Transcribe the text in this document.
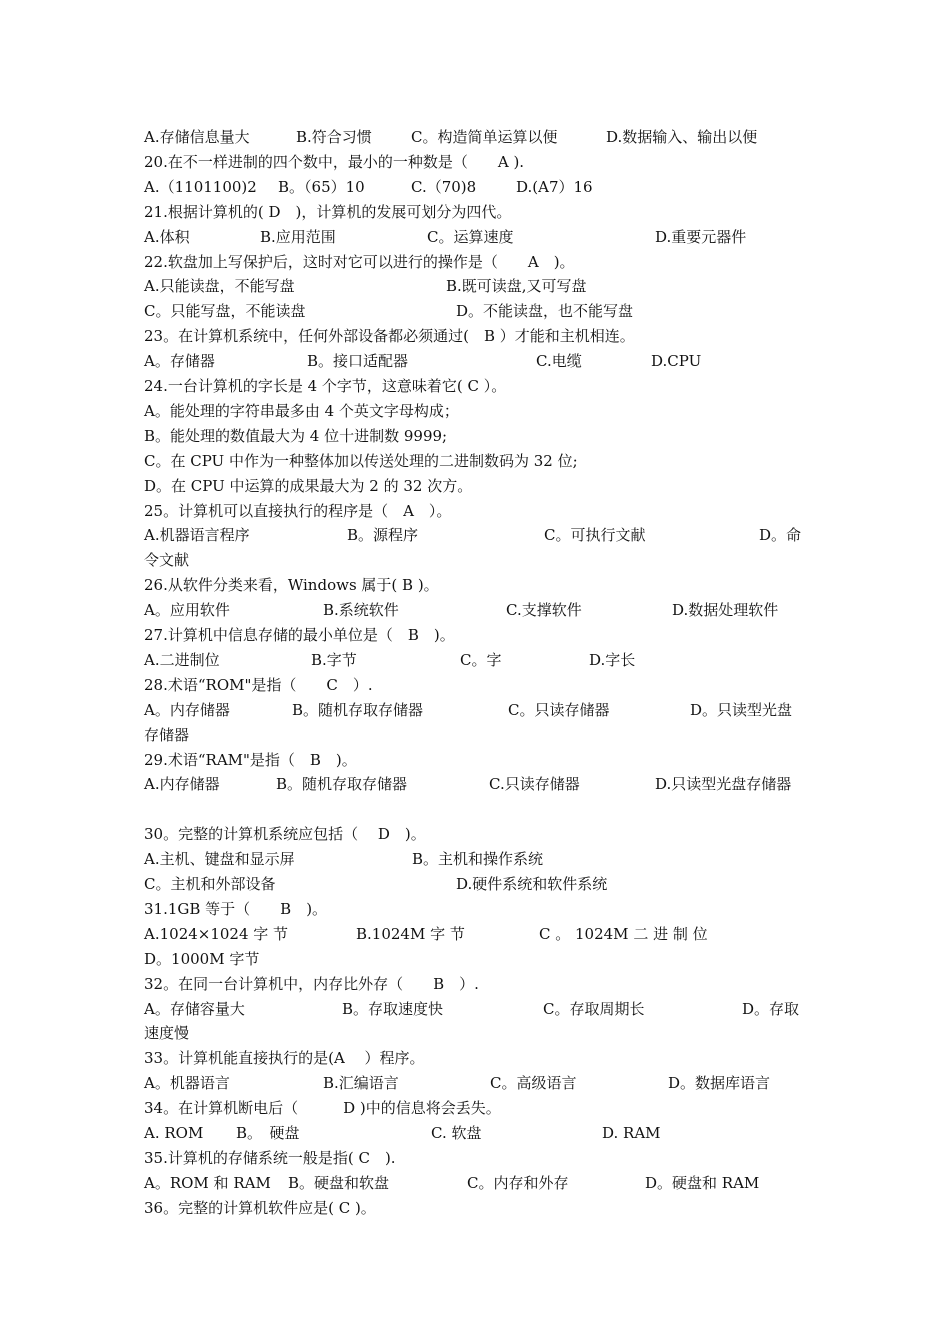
A.存储信息量大	B.符合习惯	C。构造简单运算以便	D.数据输入、输出以便
20.在不一样进制的四个数中，最小的一种数是（　　A ).
A.（1101100)2 B。（65）10	C.（70)8	D.(A7）16
21.根据计算机的( D　)，计算机的发展可划分为四代。
A.体积	B.应用范围	C。运算速度	D.重要元器件
22.软盘加上写保护后，这时对它可以进行的操作是（　　A　)。
A.只能读盘，不能写盘	B.既可读盘,又可写盘
C。只能写盘，不能读盘	D。不能读盘，也不能写盘
23。在计算机系统中，任何外部设备都必须通过(　B ）才能和主机相连。
A。存储器	B。接口适配器	C.电缆	D.CPU
24.一台计算机的字长是 4 个字节，这意味着它( C ）。
A。能处理的字符串最多由 4 个英文字母构成；
B。能处理的数值最大为 4 位十进制数 9999;
C。在 CPU 中作为一种整体加以传送处理的二进制数码为 32 位;
D。在 CPU 中运算的成果最大为 2 的 32 次方。
25。计算机可以直接执行的程序是（　A　）。
A.机器语言程序	B。源程序	C。可执行文献	D。命
令文献
26.从软件分类来看，Windows 属于( B )。
A。应用软件	B.系统软件	C.支撑软件	D.数据处理软件
27.计算机中信息存储的最小单位是（　B　)。
A.二进制位	B.字节	C。字	D.字长
28.术语“ROM"是指（　　C　）.
A。内存储器	B。随机存取存储器	C。只读存储器	D。只读型光盘
存储器
29.术语“RAM"是指（　B　)。
A.内存储器	B。随机存取存储器	C.只读存储器	D.只读型光盘存储器
30。完整的计算机系统应包括（　 D　)。
A.主机、键盘和显示屏	B。主机和操作系统
C。主机和外部设备	D.硬件系统和软件系统
31.1GB 等于（　　B　)。
A.1024×1024 字 节	B.1024M 字 节	C 。 1024M 二 进 制 位
D。1000M 字节
32。在同一台计算机中，内存比外存（　　B　）.
A。存储容量大	B。存取速度快	C。存取周期长	D。存取
速度慢
33。计算机能直接执行的是(A　 ）程序。
A。机器语言	B.汇编语言	C。高级语言	D。数据库语言
34。在计算机断电后（　　　D )中的信息将会丢失。
A. ROM B。　硬盘	C. 软盘	D. RAM
35.计算机的存储系统一般是指( C　).
A。ROM 和 RAM B。硬盘和软盘	C。内存和外存	D。硬盘和 RAM
36。完整的计算机软件应是( C )。
